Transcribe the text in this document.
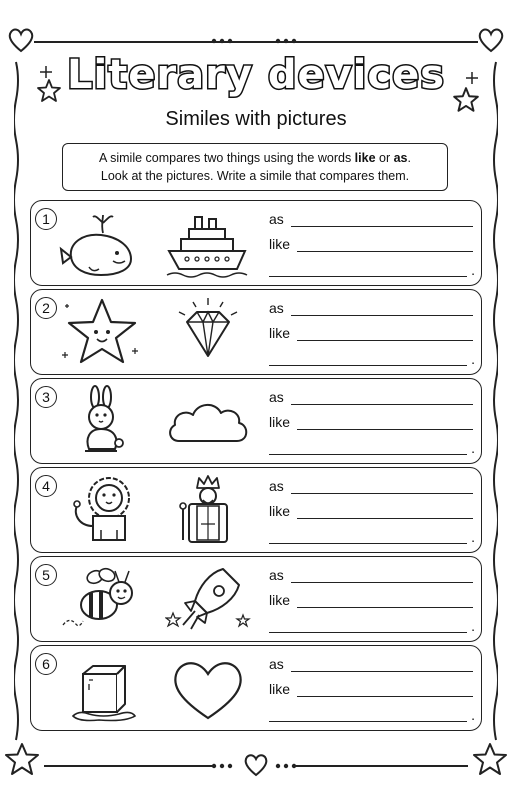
Literary devices
Similes with pictures
A simile compares two things using the words like or as.
Look at the pictures. Write a simile that compares them.
1	as
like
.
2	as
like
.
3	as
like
.
4	as
like
.
5	as
like
.
6	as
like
.
